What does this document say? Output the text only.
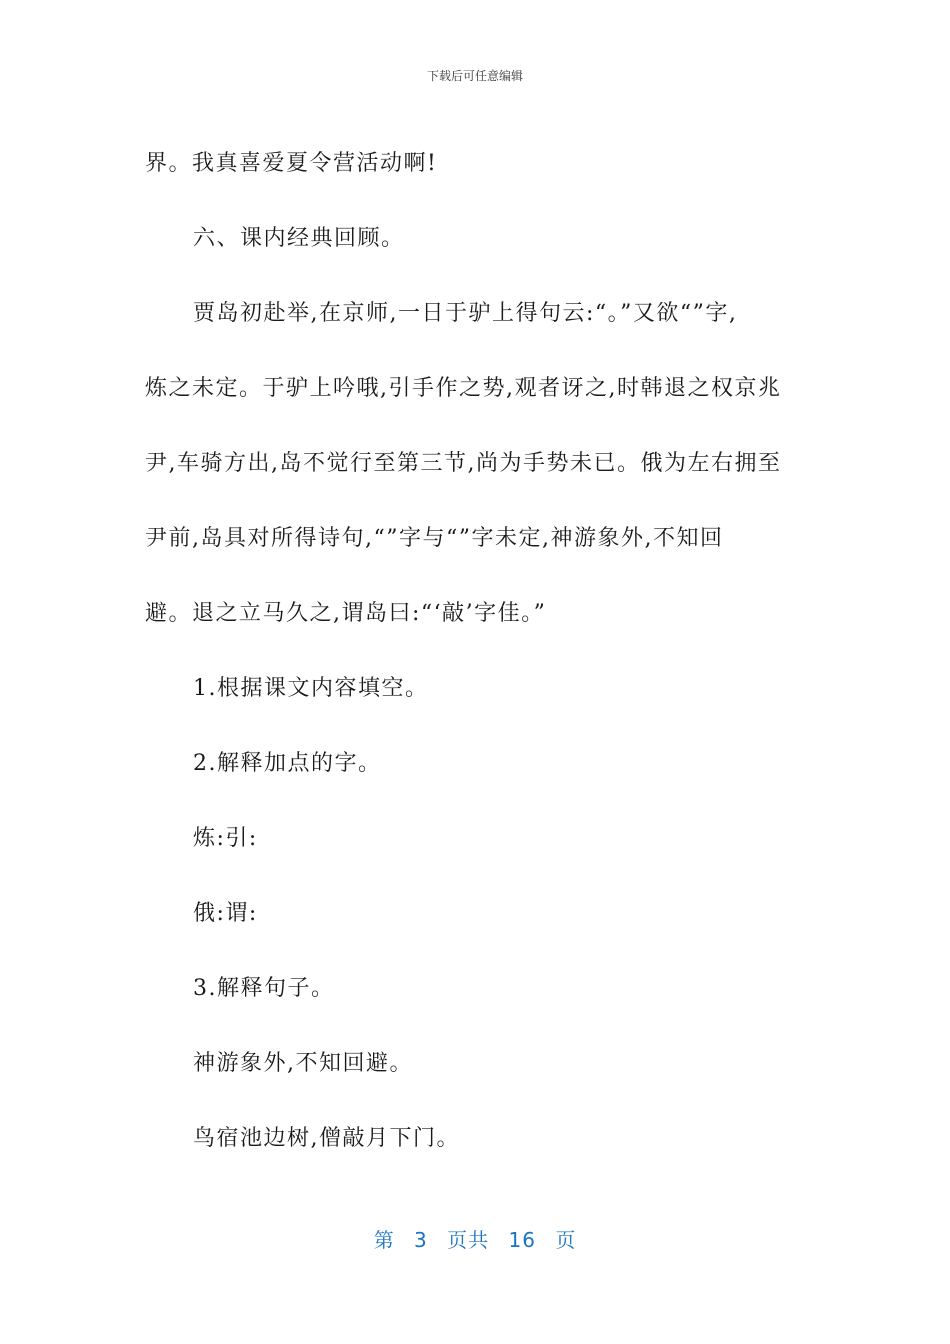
下载后可任意编辑
界。我真喜爱夏令营活动啊!
六、课内经典回顾。
贾岛初赴举,在京师,一日于驴上得句云:“。”又欲“”字,
炼之未定。于驴上吟哦,引手作之势,观者讶之,时韩退之权京兆
尹,车骑方出,岛不觉行至第三节,尚为手势未已。俄为左右拥至
尹前,岛具对所得诗句,“”字与“”字未定,神游象外,不知回
避。退之立马久之,谓岛曰:“‘敲’字佳。”
1.根据课文内容填空。
2.解释加点的字。
炼:引:
俄:谓:
3.解释句子。
神游象外,不知回避。
鸟宿池边树,僧敲月下门。
第 3 页共 16 页
